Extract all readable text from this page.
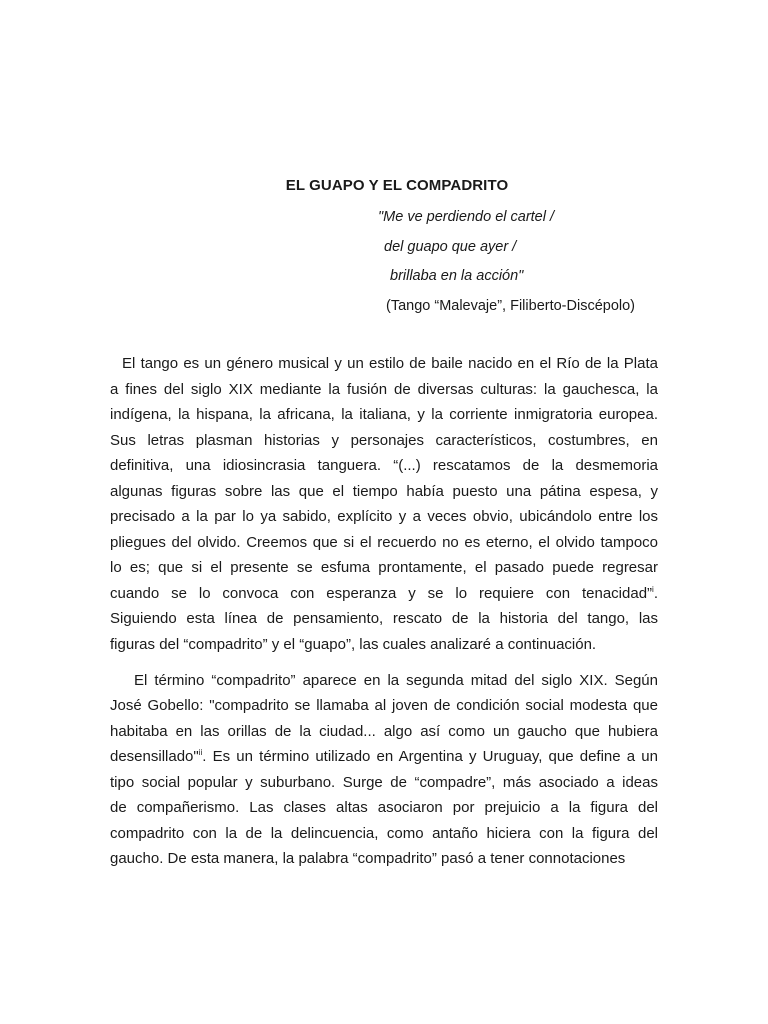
EL GUAPO Y EL COMPADRITO
"Me ve perdiendo el cartel /
del guapo que ayer /
brillaba en la acción"
(Tango “Malevaje”, Filiberto-Discépolo)
El tango es un género musical y un estilo de baile nacido en el Río de la Plata
a fines del siglo XIX mediante la fusión de diversas culturas: la gauchesca, la
indígena, la hispana, la africana, la italiana, y la corriente inmigratoria europea.
Sus letras plasman historias y personajes característicos, costumbres, en
definitiva, una idiosincrasia tanguera. “(...) rescatamos de la desmemoria
algunas figuras sobre las que el tiempo había puesto una pátina espesa, y
precisado a la par lo ya sabido, explícito y a veces obvio, ubicándolo entre los
pliegues del olvido. Creemos que si el recuerdo no es eterno, el olvido tampoco
lo es; que si el presente se esfuma prontamente, el pasado puede regresar
cuando se lo convoca con esperanza y se lo requiere con tenacidad”$^i$.
Siguiendo esta línea de pensamiento, rescato de la historia del tango, las
figuras del “compadrito” y el “guapo”, las cuales analizaré a continuación.
El término “compadrito” aparece en la segunda mitad del siglo XIX. Según
José Gobello: "compadrito se llamaba al joven de condición social modesta que
habitaba en las orillas de la ciudad... algo así como un gaucho que hubiera
desensillado"$^{ii}$. Es un término utilizado en Argentina y Uruguay, que define a un
tipo social popular y suburbano. Surge de “compadre”, más asociado a ideas
de compañerismo. Las clases altas asociaron por prejuicio a la figura del
compadrito con la de la delincuencia, como antaño hiciera con la figura del
gaucho. De esta manera, la palabra “compadrito” pasó a tener connotaciones
